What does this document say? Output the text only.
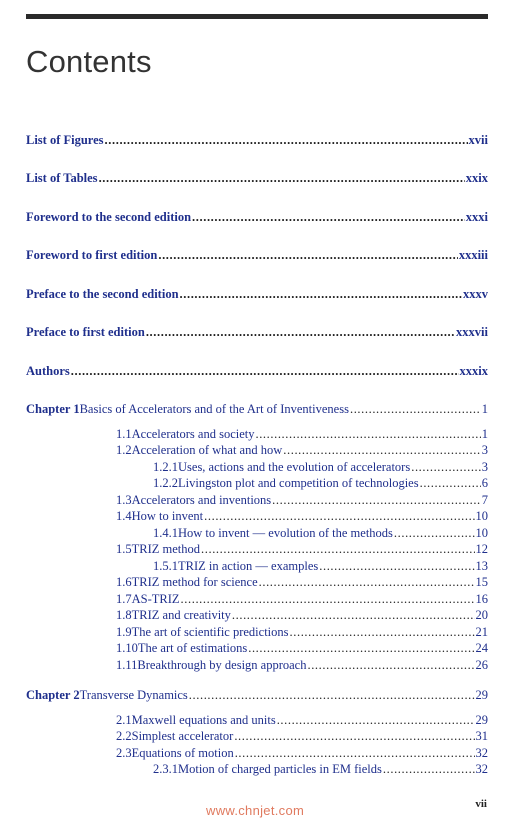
Contents
List of Figures .....	xvii
List of Tables .....	xxix
Foreword to the second edition .....	xxxi
Foreword to first edition .....	xxxiii
Preface to the second edition .....	xxxv
Preface to first edition .....	xxxvii
Authors .....	xxxix
Chapter 1 Basics of Accelerators and of the Art of Inventiveness .....	1
1.1 Accelerators and society .....	1
1.2 Acceleration of what and how .....	3
1.2.1 Uses, actions and the evolution of accelerators .....	3
1.2.2 Livingston plot and competition of technologies .....	6
1.3 Accelerators and inventions .....	7
1.4 How to invent .....	10
1.4.1 How to invent — evolution of the methods .....	10
1.5 TRIZ method .....	12
1.5.1 TRIZ in action — examples .....	13
1.6 TRIZ method for science .....	15
1.7 AS-TRIZ .....	16
1.8 TRIZ and creativity .....	20
1.9 The art of scientific predictions .....	21
1.10 The art of estimations .....	24
1.11 Breakthrough by design approach .....	26
Chapter 2 Transverse Dynamics .....	29
2.1 Maxwell equations and units .....	29
2.2 Simplest accelerator .....	31
2.3 Equations of motion .....	32
2.3.1 Motion of charged particles in EM fields .....	32
www.chnjet.com	vii
